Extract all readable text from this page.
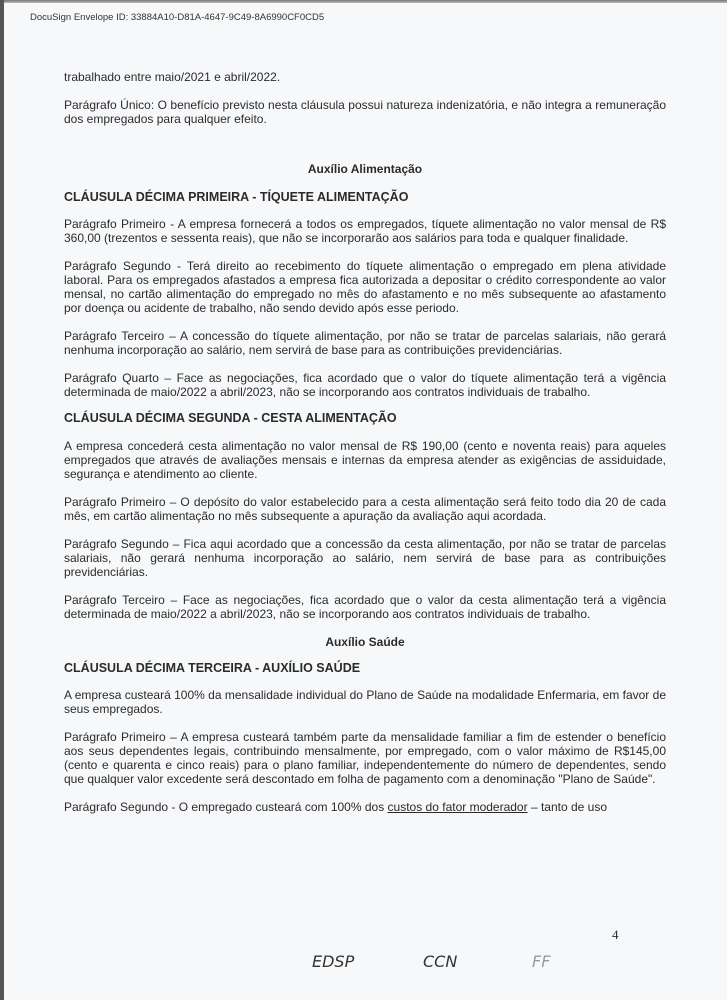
DocuSign Envelope ID: 33884A10-D81A-4647-9C49-8A6990CF0CD5

trabalhado entre maio/2021 e abril/2022.

Parágrafo Único: O benefício previsto nesta cláusula possui natureza indenizatória, e não integra a remuneração dos empregados para qualquer efeito.

Auxílio Alimentação

CLÁUSULA DÉCIMA PRIMEIRA - TÍQUETE ALIMENTAÇÃO

Parágrafo Primeiro - A empresa fornecerá a todos os empregados, tíquete alimentação no valor mensal de R$ 360,00 (trezentos e sessenta reais), que não se incorporarão aos salários para toda e qualquer finalidade.

Parágrafo Segundo - Terá direito ao recebimento do tíquete alimentação o empregado em plena atividade laboral. Para os empregados afastados a empresa fica autorizada a depositar o crédito correspondente ao valor mensal, no cartão alimentação do empregado no mês do afastamento e no mês subsequente ao afastamento por doença ou acidente de trabalho, não sendo devido após esse periodo.

Parágrafo Terceiro – A concessão do tíquete alimentação, por não se tratar de parcelas salariais, não gerará nenhuma incorporação ao salário, nem servirá de base para as contribuições previdenciárias.

Parágrafo Quarto – Face as negociações, fica acordado que o valor do tíquete alimentação terá a vigência determinada de maio/2022 a abril/2023, não se incorporando aos contratos individuais de trabalho.

CLÁUSULA DÉCIMA SEGUNDA - CESTA ALIMENTAÇÃO

A empresa concederá cesta alimentação no valor mensal de R$ 190,00 (cento e noventa reais) para aqueles empregados que através de avaliações mensais e internas da empresa atender as exigências de assiduidade, segurança e atendimento ao cliente.

Parágrafo Primeiro – O depósito do valor estabelecido para a cesta alimentação será feito todo dia 20 de cada mês, em cartão alimentação no mês subsequente a apuração da avaliação aqui acordada.

Parágrafo Segundo – Fica aqui acordado que a concessão da cesta alimentação, por não se tratar de parcelas salariais, não gerará nenhuma incorporação ao salário, nem servirá de base para as contribuições previdenciárias.

Parágrafo Terceiro – Face as negociações, fica acordado que o valor da cesta alimentação terá a vigência determinada de maio/2022 a abril/2023, não se incorporando aos contratos individuais de trabalho.

Auxílio Saúde

CLÁUSULA DÉCIMA TERCEIRA - AUXÍLIO SAÚDE

A empresa custeará 100% da mensalidade individual do Plano de Saúde na modalidade Enfermaria, em favor de seus empregados.

Parágrafo Primeiro – A empresa custeará também parte da mensalidade familiar a fim de estender o benefício aos seus dependentes legais, contribuindo mensalmente, por empregado, com o valor máximo de R$145,00 (cento e quarenta e cinco reais) para o plano familiar, independentemente do número de dependentes, sendo que qualquer valor excedente será descontado em folha de pagamento com a denominação "Plano de Saúde".

Parágrafo Segundo - O empregado custeará com 100% dos custos do fator moderador – tanto de uso

4
EDSP	CCN	FF
